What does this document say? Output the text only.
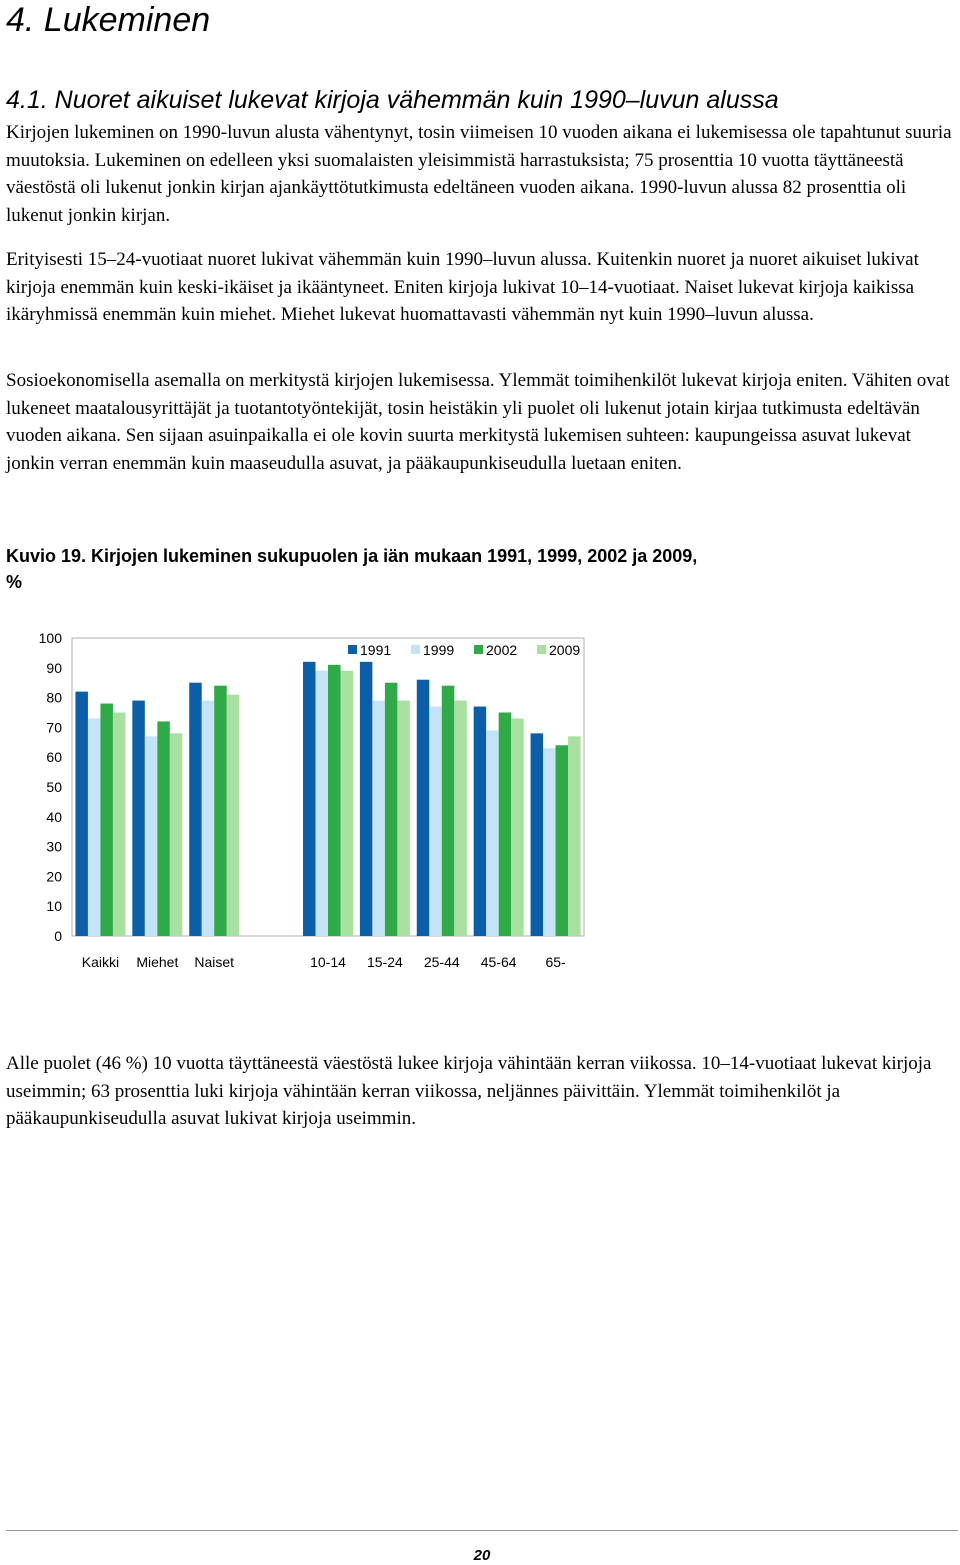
4. Lukeminen
4.1. Nuoret aikuiset lukevat kirjoja vähemmän kuin 1990–luvun alussa

Kirjojen lukeminen on 1990-luvun alusta vähentynyt, tosin viimeisen 10 vuoden aikana ei lukemisessa ole tapahtunut suuria muutoksia. Lukeminen on edelleen yksi suomalaisten yleisimmistä harrastuksista; 75 prosenttia 10 vuotta täyttäneestä väestöstä oli lukenut jonkin kirjan ajankäyttötutkimusta edeltäneen vuoden aikana. 1990-luvun alussa 82 prosenttia oli lukenut jonkin kirjan.

Erityisesti 15–24-vuotiaat nuoret lukivat vähemmän kuin 1990–luvun alussa. Kuitenkin nuoret ja nuoret aikuiset lukivat kirjoja enemmän kuin keski-ikäiset ja ikääntyneet. Eniten kirjoja lukivat 10–14-vuotiaat. Naiset lukevat kirjoja kaikissa ikäryhmissä enemmän kuin miehet. Miehet lukevat huomattavasti vähemmän nyt kuin 1990–luvun alussa.

Sosioekonomisella asemalla on merkitystä kirjojen lukemisessa. Ylemmät toimihenkilöt lukevat kirjoja eniten. Vähiten ovat lukeneet maatalousyrittäjät ja tuotantotyöntekijät, tosin heistäkin yli puolet oli lukenut jotain kirjaa tutkimusta edeltävän vuoden aikana. Sen sijaan asuinpaikalla ei ole kovin suurta merkitystä lukemisen suhteen: kaupungeissa asuvat lukevat jonkin verran enemmän kuin maaseudulla asuvat, ja pääkaupunkiseudulla luetaan eniten.

Kuvio 19. Kirjojen lukeminen sukupuolen ja iän mukaan 1991, 1999, 2002 ja 2009, %

0
10
20
30
40
50
60
70
80
90
100
Kaikki Miehet Naiset	10-14 15-24 25-44 45-64 65-
1991 1999 2002 2009

Alle puolet (46 %) 10 vuotta täyttäneestä väestöstä lukee kirjoja vähintään kerran viikossa. 10–14-vuotiaat lukevat kirjoja useimmin; 63 prosenttia luki kirjoja vähintään kerran viikossa, neljännes päivittäin. Ylemmät toimihenkilöt ja pääkaupunkiseudulla asuvat lukivat kirjoja useimmin.

20
